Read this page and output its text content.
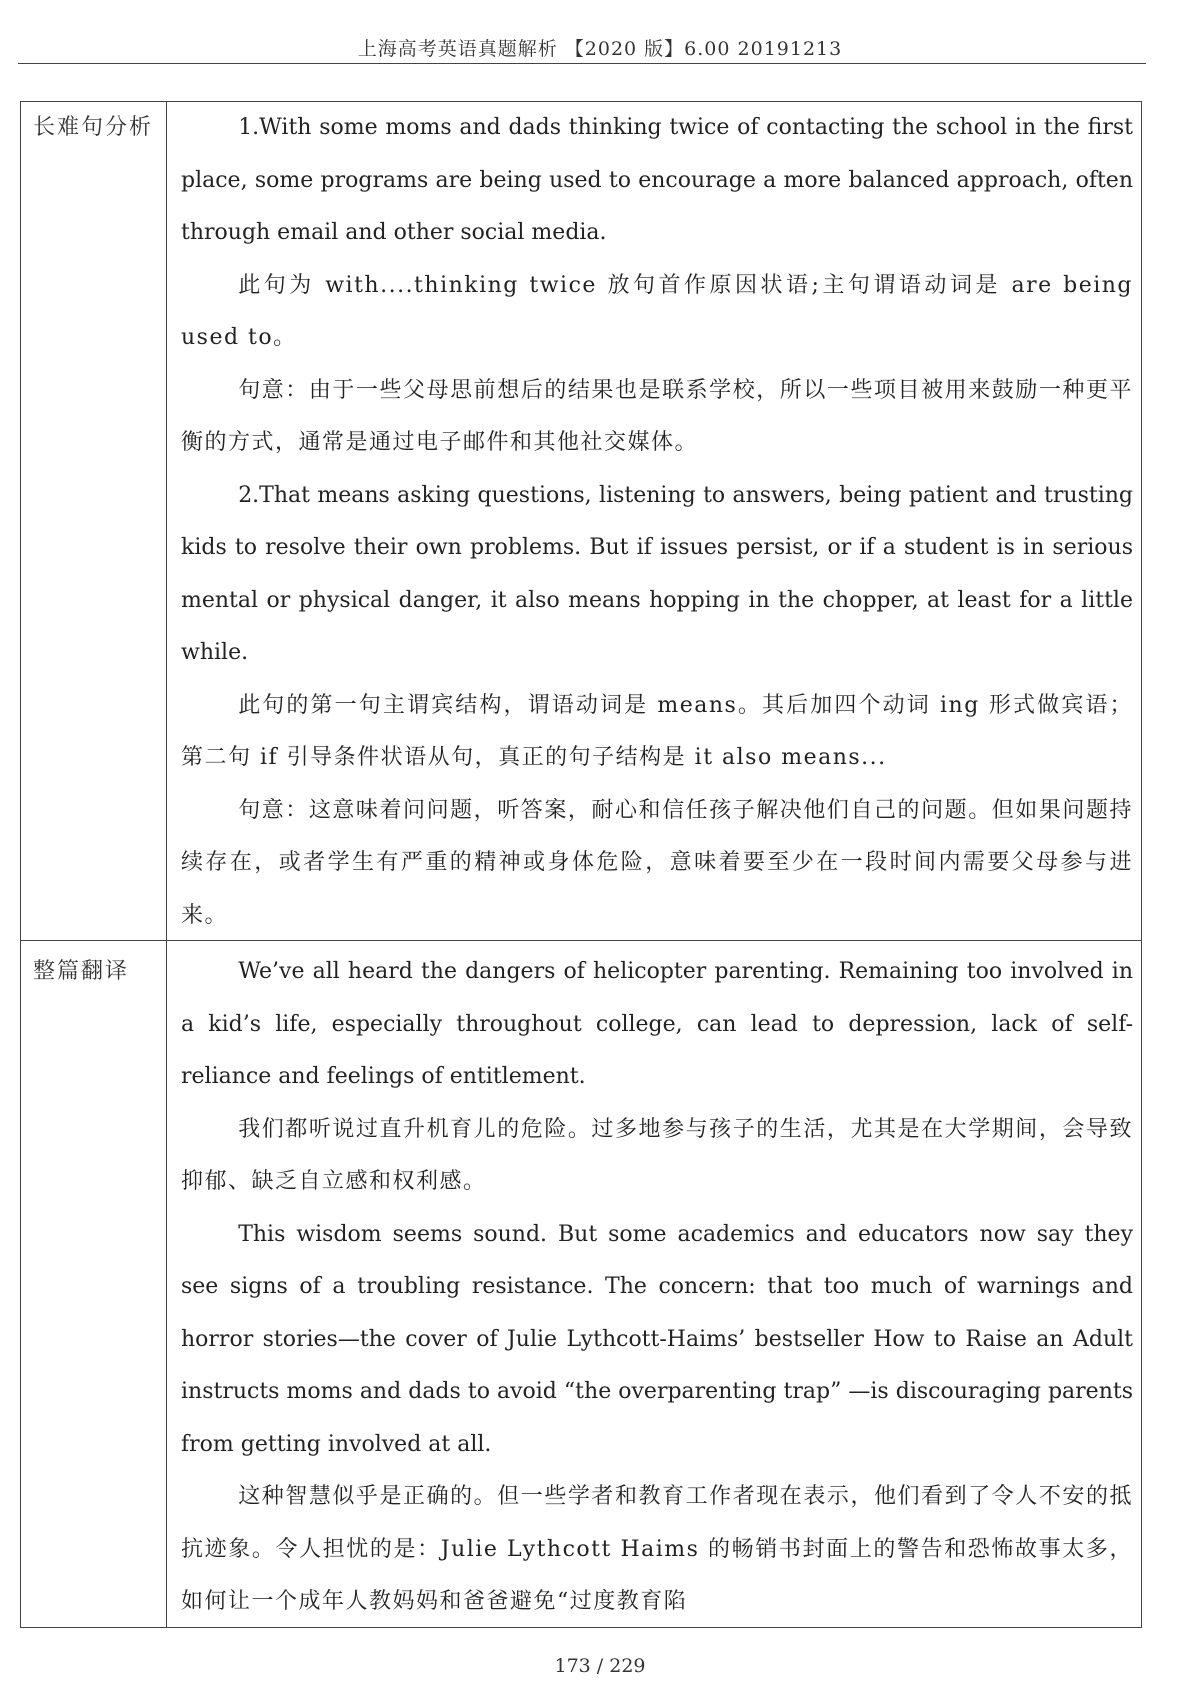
上海高考英语真题解析 【2020 版】6.00 20191213
长难句分析	1.With some moms and dads thinking twice of contacting the school in the first place, some programs are being used to encourage a more balanced approach, often through email and other social media.

此句为 with....thinking twice 放句首作原因状语;主句谓语动词是 are being used to。

句意：由于一些父母思前想后的结果也是联系学校，所以一些项目被用来鼓励一种更平衡的方式，通常是通过电子邮件和其他社交媒体。

2.That means asking questions, listening to answers, being patient and trusting kids to resolve their own problems. But if issues persist, or if a student is in serious mental or physical danger, it also means hopping in the chopper, at least for a little while.

此句的第一句主谓宾结构，谓语动词是 means。其后加四个动词 ing 形式做宾语；第二句 if 引导条件状语从句，真正的句子结构是 it also means...

句意：这意味着问问题，听答案，耐心和信任孩子解决他们自己的问题。但如果问题持续存在，或者学生有严重的精神或身体危险，意味着要至少在一段时间内需要父母参与进来。

整篇翻译	We’ve all heard the dangers of helicopter parenting. Remaining too involved in a kid’s life, especially throughout college, can lead to depression, lack of self-reliance and feelings of entitlement.

我们都听说过直升机育儿的危险。过多地参与孩子的生活，尤其是在大学期间，会导致抑郁、缺乏自立感和权利感。

This wisdom seems sound. But some academics and educators now say they see signs of a troubling resistance. The concern: that too much of warnings and horror stories—the cover of Julie Lythcott-Haims’ bestseller How to Raise an Adult instructs moms and dads to avoid “the overparenting trap” —is discouraging parents from getting involved at all.

这种智慧似乎是正确的。但一些学者和教育工作者现在表示，他们看到了令人不安的抵抗迹象。令人担忧的是：Julie Lythcott Haims 的畅销书封面上的警告和恐怖故事太多，如何让一个成年人教妈妈和爸爸避免“过度教育陷

173 / 229
